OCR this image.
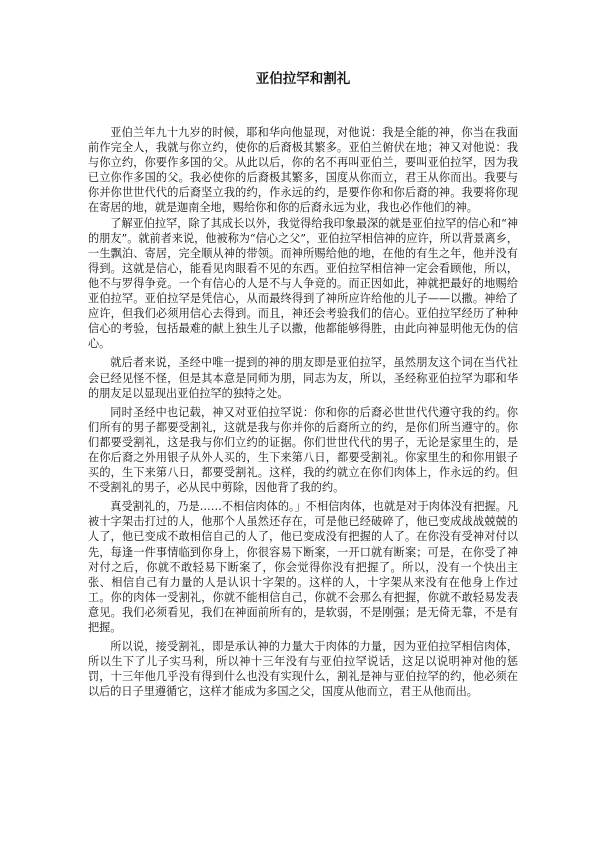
亚伯拉罕和割礼

亚伯兰年九十九岁的时候，耶和华向他显现，对他说：我是全能的神，你当在我面前作完全人，我就与你立约，使你的后裔极其繁多。亚伯兰俯伏在地；神又对他说：我与你立约，你要作多国的父。从此以后，你的名不再叫亚伯兰，要叫亚伯拉罕，因为我已立你作多国的父。我必使你的后裔极其繁多，国度从你而立，君王从你而出。我要与你并你世世代代的后裔坚立我的约，作永远的约，是要作你和你后裔的神。我要将你现在寄居的地，就是迦南全地，赐给你和你的后裔永远为业，我也必作他们的神。

了解亚伯拉罕，除了其成长以外，我觉得给我印象最深的就是亚伯拉罕的信心和“神的朋友”。就前者来说，他被称为“信心之父”，亚伯拉罕相信神的应许，所以背景离乡，一生飘泊、寄居，完全顺从神的带领。而神所赐给他的地，在他的有生之年，他并没有得到。这就是信心，能看见肉眼看不见的东西。亚伯拉罕相信神一定会看顾他，所以，他不与罗得争竞。一个有信心的人是不与人争竞的。而正因如此，神就把最好的地赐给亚伯拉罕。亚伯拉罕是凭信心，从而最终得到了神所应许给他的儿子——以撒。神给了应许，但我们必须用信心去得到。而且，神还会考验我们的信心。亚伯拉罕经历了种种信心的考验，包括最难的献上独生儿子以撒，他都能够得胜，由此向神显明他无伪的信心。

就后者来说，圣经中唯一提到的神的朋友即是亚伯拉罕，虽然朋友这个词在当代社会已经见怪不怪，但是其本意是同师为朋，同志为友，所以，圣经称亚伯拉罕为耶和华的朋友足以显现出亚伯拉罕的独特之处。

同时圣经中也记载，神又对亚伯拉罕说：你和你的后裔必世世代代遵守我的约。你们所有的男子都要受割礼，这就是我与你并你的后裔所立的约，是你们所当遵守的。你们都要受割礼，这是我与你们立约的证据。你们世世代代的男子，无论是家里生的，是在你后裔之外用银子从外人买的，生下来第八日，都要受割礼。你家里生的和你用银子买的，生下来第八日，都要受割礼。这样，我的约就立在你们肉体上，作永远的约。但不受割礼的男子，必从民中剪除，因他背了我的约。

真受割礼的，乃是……不相信肉体的。」不相信肉体，也就是对于肉体没有把握。凡被十字架击打过的人，他那个人虽然还存在，可是他已经破碎了，他已变成战战兢兢的人了，他已变成不敢相信自己的人了，他已变成没有把握的人了。在你没有受神对付以先，每逢一件事情临到你身上，你很容易下断案，一开口就有断案；可是，在你受了神对付之后，你就不敢轻易下断案了，你会觉得你没有把握了。所以，没有一个快出主张、相信自己有力量的人是认识十字架的。这样的人，十字架从来没有在他身上作过工。你的肉体一受割礼，你就不能相信自己，你就不会那么有把握，你就不敢轻易发表意见。我们必须看见，我们在神面前所有的，是软弱，不是刚强；是无倚无靠，不是有把握。

所以说，接受割礼，即是承认神的力量大于肉体的力量，因为亚伯拉罕相信肉体，所以生下了儿子实马利，所以神十三年没有与亚伯拉罕说话，这足以说明神对他的惩罚，十三年他几乎没有得到什么也没有实现什么，割礼是神与亚伯拉罕的约，他必须在以后的日子里遵循它，这样才能成为多国之父，国度从他而立，君王从他而出。
